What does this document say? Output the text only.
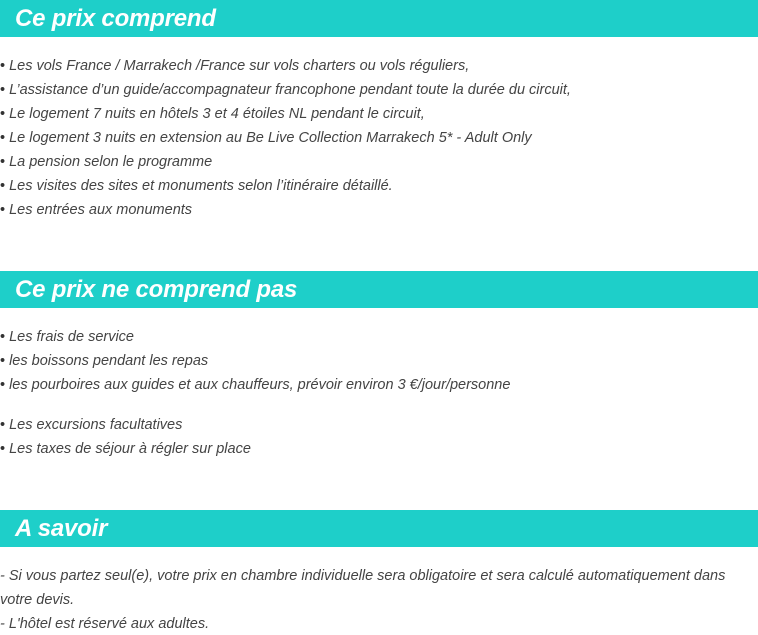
Ce prix comprend
• Les vols France / Marrakech /France sur vols charters ou vols réguliers,
• L’assistance d’un guide/accompagnateur francophone pendant toute la durée du circuit,
• Le logement 7 nuits en hôtels 3 et 4 étoiles NL pendant le circuit,
• Le logement 3 nuits en extension au Be Live Collection Marrakech 5* - Adult Only
• La pension selon le programme
• Les visites des sites et monuments selon l’itinéraire détaillé.
• Les entrées aux monuments
Ce prix ne comprend pas
• Les frais de service
• les boissons pendant les repas
• les pourboires aux guides et aux chauffeurs, prévoir environ 3 €/jour/personne
• Les excursions facultatives
• Les taxes de séjour à régler sur place
A savoir

- Si vous partez seul(e), votre prix en chambre individuelle sera obligatoire et sera calculé automatiquement dans votre devis.

- L'hôtel est réservé aux adultes.
